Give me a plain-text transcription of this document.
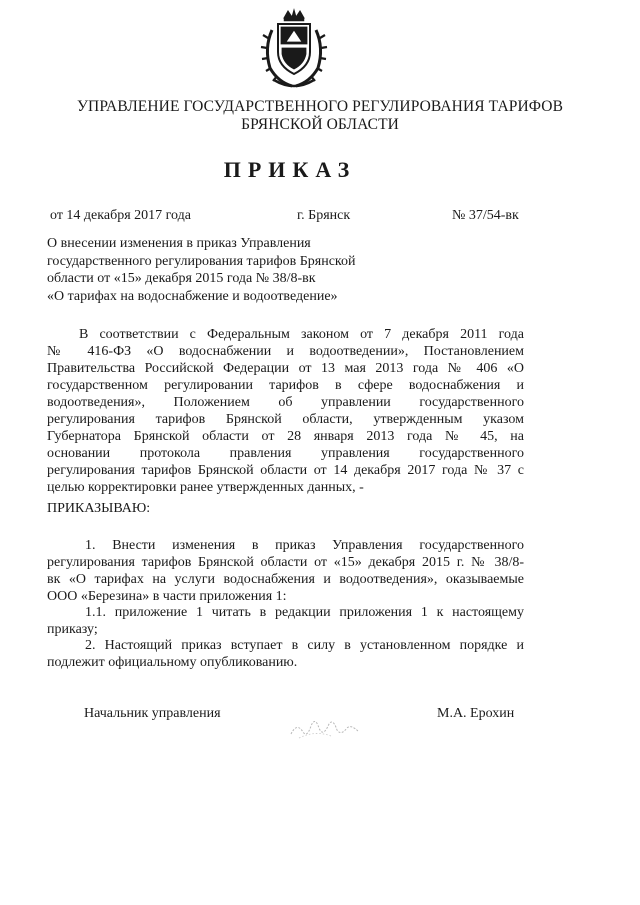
УПРАВЛЕНИЕ ГОСУДАРСТВЕННОГО РЕГУЛИРОВАНИЯ ТАРИФОВ
БРЯНСКОЙ ОБЛАСТИ
ПРИКАЗ
от 14 декабря 2017 года	г. Брянск	№ 37/54-вк
О внесении изменения в приказ Управления
государственного регулирования тарифов Брянской
области от «15» декабря 2015 года № 38/8-вк
«О тарифах на водоснабжение и водоотведение»
В соответствии с Федеральным законом от 7 декабря 2011 года
№ 416-ФЗ «О водоснабжении и водоотведении», Постановлением
Правительства Российской Федерации от 13 мая 2013 года № 406 «О
государственном регулировании тарифов в сфере водоснабжения и
водоотведения», Положением об управлении государственного
регулирования тарифов Брянской области, утвержденным указом
Губернатора Брянской области от 28 января 2013 года № 45, на
основании протокола правления управления государственного
регулирования тарифов Брянской области от 14 декабря 2017 года № 37 с
целью корректировки ранее утвержденных данных, -
ПРИКАЗЫВАЮ:
1. Внести изменения в приказ Управления государственного
регулирования тарифов Брянской области от «15» декабря 2015 г. № 38/8-
вк «О тарифах на услуги водоснабжения и водоотведения», оказываемые
ООО «Березина» в части приложения 1:
1.1. приложение 1 читать в редакции приложения 1 к настоящему
приказу;
2. Настоящий приказ вступает в силу в установленном порядке и
подлежит официальному опубликованию.
Начальник управления	М.А. Ерохин
